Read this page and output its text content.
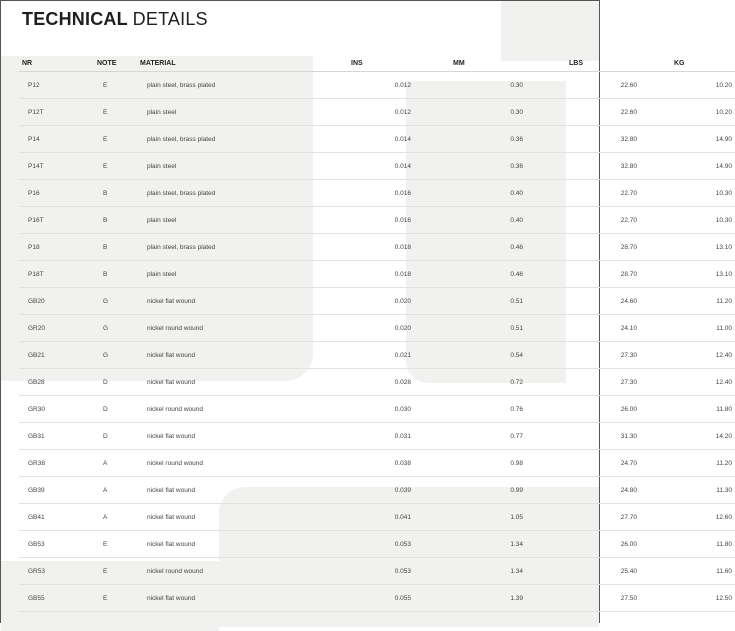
TECHNICAL DETAILS
NR	NOTE	MATERIAL	INS	MM	LBS	KG
P12	E	plain steel, brass plated	0.012	0.30	22.60	10.20
P12T	E	plain steel	0.012	0.30	22.60	10.20
P14	E	plain steel, brass plated	0.014	0.36	32.80	14.90
P14T	E	plain steel	0.014	0.36	32.80	14.90
P16	B	plain steel, brass plated	0.016	0.40	22.70	10.30
P16T	B	plain steel	0.016	0.40	22.70	10.30
P18	B	plain steel, brass plated	0.018	0.46	28.70	13.10
P18T	B	plain steel	0.018	0.46	28.70	13.10
GB20	G	nickel flat wound	0.020	0.51	24.60	11.20
GR20	G	nickel round wound	0.020	0.51	24.10	11.00
GB21	G	nickel flat wound	0.021	0.54	27.30	12.40
GB28	D	nickel flat wound	0.028	0.72	27.30	12.40
GR30	D	nickel round wound	0.030	0.76	26.00	11.80
GB31	D	nickel flat wound	0.031	0.77	31.30	14.20
GR38	A	nickel round wound	0.038	0.98	24.70	11.20
GB39	A	nickel flat wound	0.039	0.99	24.80	11.30
GB41	A	nickel flat wound	0.041	1.05	27.70	12.60
GB53	E	nickel flat wound	0.053	1.34	26.00	11.80
GR53	E	nickel round wound	0.053	1.34	25.40	11.60
GB55	E	nickel flat wound	0.055	1.39	27.50	12.50
